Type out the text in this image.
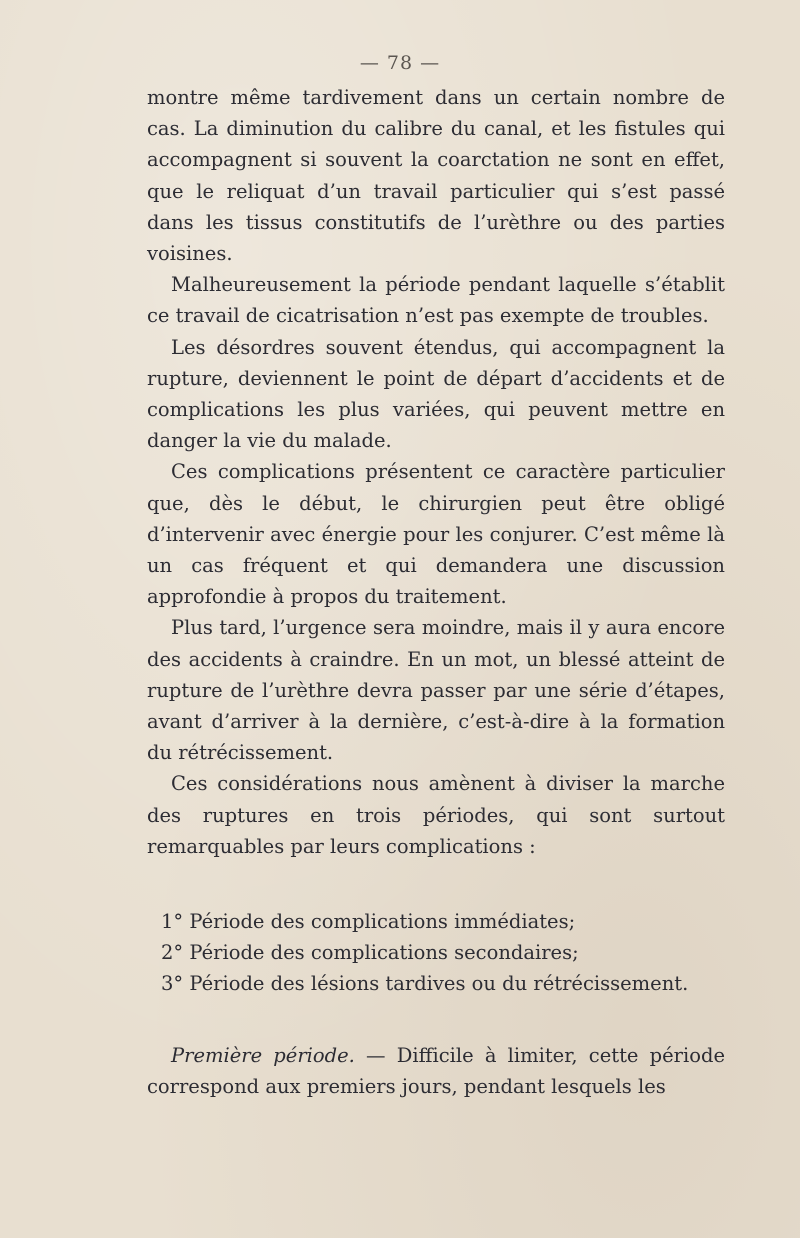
— 78 —

montre même tardivement dans un certain nombre de cas. La diminution du calibre du canal, et les fistules qui accompagnent si souvent la coarctation ne sont en effet, que le reliquat d’un travail particulier qui s’est passé dans les tissus constitutifs de l’urèthre ou des parties voisines.

Malheureusement la période pendant laquelle s’établit ce travail de cicatrisation n’est pas exempte de troubles.

Les désordres souvent étendus, qui accompagnent la rupture, deviennent le point de départ d’accidents et de complications les plus variées, qui peuvent mettre en danger la vie du malade.

Ces complications présentent ce caractère particulier que, dès le début, le chirurgien peut être obligé d’intervenir avec énergie pour les conjurer. C’est même là un cas fréquent et qui demandera une discussion approfondie à propos du traitement.

Plus tard, l’urgence sera moindre, mais il y aura encore des accidents à craindre. En un mot, un blessé atteint de rupture de l’urèthre devra passer par une série d’étapes, avant d’arriver à la dernière, c’est-à-dire à la formation du rétrécissement.

Ces considérations nous amènent à diviser la marche des ruptures en trois périodes, qui sont surtout remarquables par leurs complications :

1° Période des complications immédiates;
2° Période des complications secondaires;
3° Période des lésions tardives ou du rétrécissement.

Première période. — Difficile à limiter, cette période correspond aux premiers jours, pendant lesquels les
